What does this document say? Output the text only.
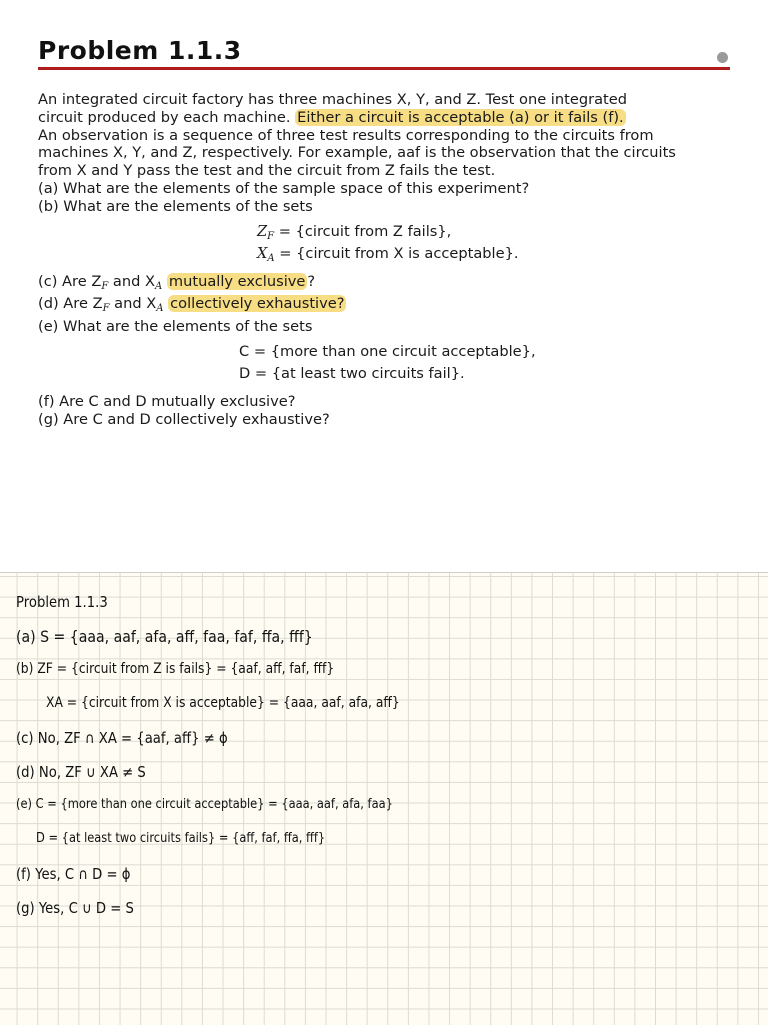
Problem 1.1.3
An integrated circuit factory has three machines X, Y, and Z. Test one integrated
circuit produced by each machine. Either a circuit is acceptable (a) or it fails (f).
An observation is a sequence of three test results corresponding to the circuits from
machines X, Y, and Z, respectively. For example, aaf is the observation that the circuits
from X and Y pass the test and the circuit from Z fails the test.
(a) What are the elements of the sample space of this experiment?
(b) What are the elements of the sets
$Z_F$ = {circuit from Z fails},
$X_A$ = {circuit from X is acceptable}.
(c) Are $Z_F$ and $X_A$ mutually exclusive ?
(d) Are $Z_F$ and $X_A$ collectively exhaustive?
(e) What are the elements of the sets
C = {more than one circuit acceptable},
D = {at least two circuits fail}.
(f) Are C and D mutually exclusive?
(g) Are C and D collectively exhaustive?
Problem 1.1.3
(a) S = {aaa, aaf, afa, aff, faa, faf, ffa, fff}
(b) ZF = {circuit from Z is fails} = {aaf, aff, faf, fff}
XA = {circuit from X is acceptable} = {aaa, aaf, afa, aff}
(c) No, ZF ∩ XA = {aaf, aff} ≠ ϕ
(d) No, ZF ∪ XA ≠ S
(e) C = {more than one circuit acceptable} = {aaa, aaf, afa, faa}
D = {at least two circuits fails} = {aff, faf, ffa, fff}
(f) Yes, C ∩ D = ϕ
(g) Yes, C ∪ D = S
